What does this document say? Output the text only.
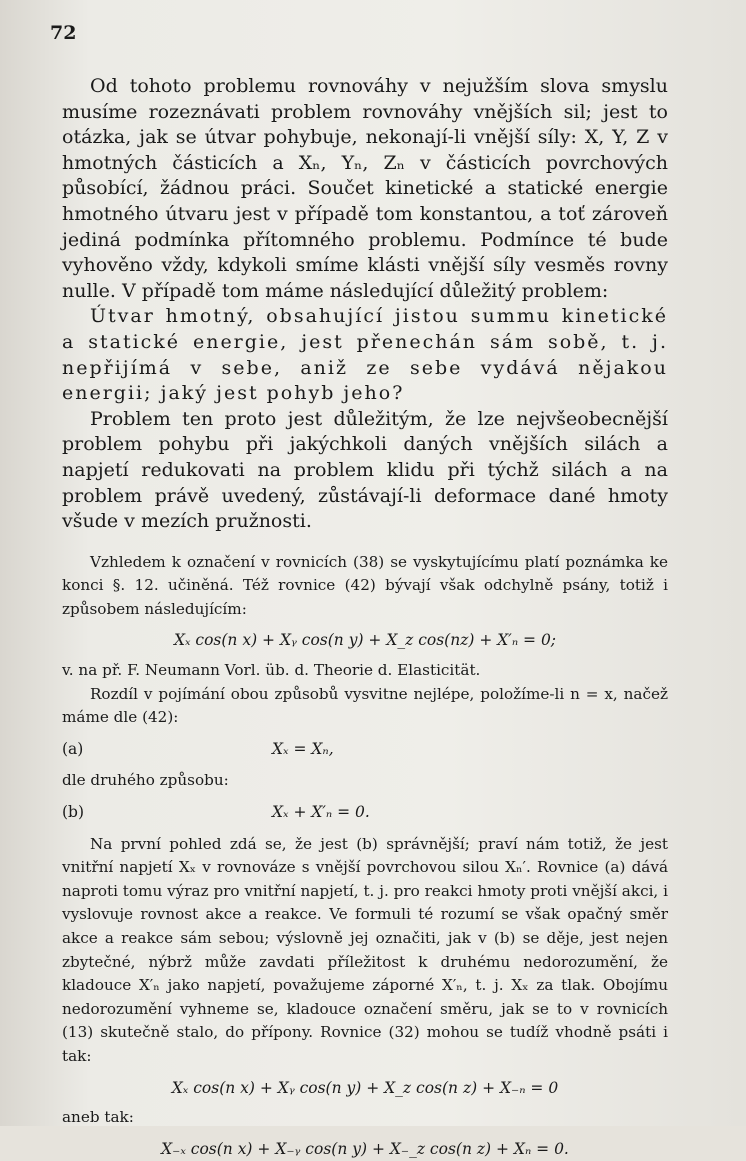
72

Od tohoto problemu rovnováhy v nejužším slova smyslu musíme rozeznávati problem rovnováhy vnějších sil; jest to otázka, jak se útvar pohybuje, nekonají-li vnější síly: X, Y, Z v hmotných částicích a Xₙ, Yₙ, Zₙ v částicích povrchových působící, žádnou práci. Součet kinetické a statické energie hmotného útvaru jest v případě tom konstantou, a toť zároveň jediná podmínka přítomného problemu. Podmínce té bude vyhověno vždy, kdykoli smíme klásti vnější síly vesměs rovny nulle. V případě tom máme následující důležitý problem:

Útvar hmotný, obsahující jistou summu kinetické a statické energie, jest přenechán sám sobě, t. j. nepřijímá v sebe, aniž ze sebe vydává nějakou energii; jaký jest pohyb jeho?

Problem ten proto jest důležitým, že lze nejvšeobecnější problem pohybu při jakýchkoli daných vnějších silách a napjetí redukovati na problem klidu při týchž silách a na problem právě uvedený, zůstávají-li deformace dané hmoty všude v mezích pružnosti.

Vzhledem k označení v rovnicích (38) se vyskytujícímu platí poznámka ke konci §. 12. učiněná. Též rovnice (42) bývají však odchylně psány, totiž i způsobem následujícím:

Xₓ cos(n x) + Xᵧ cos(n y) + X_z cos(nz) + X′ₙ = 0;

v. na př. F. Neumann Vorl. üb. d. Theorie d. Elasticität.

Rozdíl v pojímání obou způsobů vysvitne nejlépe, položíme-li n = x, načež máme dle (42):

(a)	Xₓ = Xₙ,

dle druhého způsobu:

(b)	Xₓ + X′ₙ = 0.

Na první pohled zdá se, že jest (b) správnější; praví nám totiž, že jest vnitřní napjetí Xₓ v rovnováze s vnější povrchovou silou Xₙ′. Rovnice (a) dává naproti tomu výraz pro vnitřní napjetí, t. j. pro reakci hmoty proti vnější akci, i vyslovuje rovnost akce a reakce. Ve formuli té rozumí se však opačný směr akce a reakce sám sebou; výslovně jej označiti, jak v (b) se děje, jest nejen zbytečné, nýbrž může zavdati příležitost k druhému nedorozumění, že kladouce X′ₙ jako napjetí, považujeme záporné X′ₙ, t. j. Xₓ za tlak. Obojímu nedorozumění vyhneme se, kladouce označení směru, jak se to v rovnicích (13) skutečně stalo, do přípony. Rovnice (32) mohou se tudíž vhodně psáti i tak:

Xₓ cos(n x) + Xᵧ cos(n y) + X_z cos(n z) + X₋ₙ = 0

aneb tak:

X₋ₓ cos(n x) + X₋ᵧ cos(n y) + X₋_z cos(n z) + Xₙ = 0.
